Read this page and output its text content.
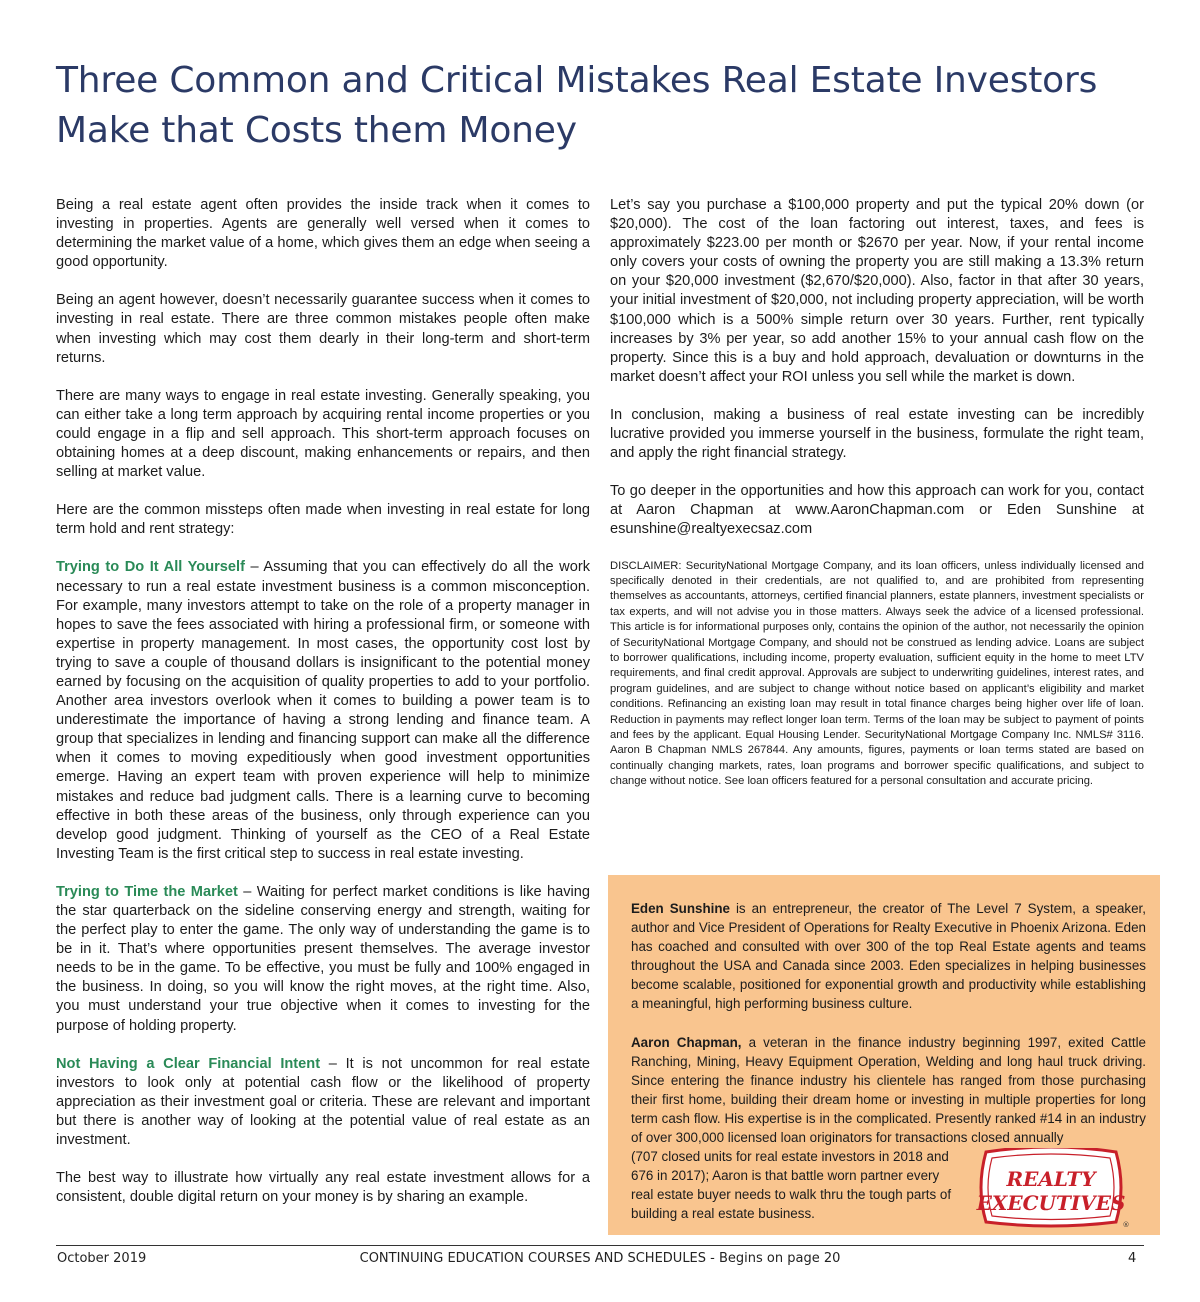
Three Common and Critical Mistakes Real Estate Investors
Make that Costs them Money

Being a real estate agent often provides the inside track when it comes to investing in properties. Agents are generally well versed when it comes to determining the market value of a home, which gives them an edge when seeing a good opportunity.

Being an agent however, doesn’t necessarily guarantee success when it comes to investing in real estate. There are three common mistakes people often make when investing which may cost them dearly in their long-term and short-term returns.

There are many ways to engage in real estate investing. Generally speaking, you can either take a long term approach by acquiring rental income properties or you could engage in a flip and sell approach. This short-term approach focuses on obtaining homes at a deep discount, making enhancements or repairs, and then selling at market value.

Here are the common missteps often made when investing in real estate for long term hold and rent strategy:

Trying to Do It All Yourself – Assuming that you can effectively do all the work necessary to run a real estate investment business is a common misconception. For example, many investors attempt to take on the role of a property manager in hopes to save the fees associated with hiring a professional firm, or someone with expertise in property management. In most cases, the opportunity cost lost by trying to save a couple of thousand dollars is insignificant to the potential money earned by focusing on the acquisition of quality properties to add to your portfolio. Another area investors overlook when it comes to building a power team is to underestimate the importance of having a strong lending and finance team. A group that specializes in lending and financing support can make all the difference when it comes to moving expeditiously when good investment opportunities emerge. Having an expert team with proven experience will help to minimize mistakes and reduce bad judgment calls. There is a learning curve to becoming effective in both these areas of the business, only through experience can you develop good judgment. Thinking of yourself as the CEO of a Real Estate Investing Team is the first critical step to success in real estate investing.

Trying to Time the Market – Waiting for perfect market conditions is like having the star quarterback on the sideline conserving energy and strength, waiting for the perfect play to enter the game. The only way of understanding the game is to be in it. That’s where opportunities present themselves. The average investor needs to be in the game. To be effective, you must be fully and 100% engaged in the business. In doing, so you will know the right moves, at the right time. Also, you must understand your true objective when it comes to investing for the purpose of holding property.

Not Having a Clear Financial Intent – It is not uncommon for real estate investors to look only at potential cash flow or the likelihood of property appreciation as their investment goal or criteria. These are relevant and important but there is another way of looking at the potential value of real estate as an investment.

The best way to illustrate how virtually any real estate investment allows for a consistent, double digital return on your money is by sharing an example.

Let’s say you purchase a $100,000 property and put the typical 20% down (or $20,000). The cost of the loan factoring out interest, taxes, and fees is approximately $223.00 per month or $2670 per year. Now, if your rental income only covers your costs of owning the property you are still making a 13.3% return on your $20,000 investment ($2,670/$20,000). Also, factor in that after 30 years, your initial investment of $20,000, not including property appreciation, will be worth $100,000 which is a 500% simple return over 30 years. Further, rent typically increases by 3% per year, so add another 15% to your annual cash flow on the property. Since this is a buy and hold approach, devaluation or downturns in the market doesn’t affect your ROI unless you sell while the market is down.

In conclusion, making a business of real estate investing can be incredibly lucrative provided you immerse yourself in the business, formulate the right team, and apply the right financial strategy.

To go deeper in the opportunities and how this approach can work for you, contact at Aaron Chapman at www.AaronChapman.com or Eden Sunshine at esunshine@realtyexecsaz.com

DISCLAIMER: SecurityNational Mortgage Company, and its loan officers, unless individually licensed and specifically denoted in their credentials, are not qualified to, and are prohibited from representing themselves as accountants, attorneys, certified financial planners, estate planners, investment specialists or tax experts, and will not advise you in those matters. Always seek the advice of a licensed professional. This article is for informational purposes only, contains the opinion of the author, not necessarily the opinion of SecurityNational Mortgage Company, and should not be construed as lending advice. Loans are subject to borrower qualifications, including income, property evaluation, sufficient equity in the home to meet LTV requirements, and final credit approval. Approvals are subject to underwriting guidelines, interest rates, and program guidelines, and are subject to change without notice based on applicant’s eligibility and market conditions. Refinancing an existing loan may result in total finance charges being higher over life of loan. Reduction in payments may reflect longer loan term. Terms of the loan may be subject to payment of points and fees by the applicant. Equal Housing Lender. SecurityNational Mortgage Company Inc. NMLS# 3116. Aaron B Chapman NMLS 267844. Any amounts, figures, payments or loan terms stated are based on continually changing markets, rates, loan programs and borrower specific qualifications, and subject to change without notice. See loan officers featured for a personal consultation and accurate pricing.

Eden Sunshine is an entrepreneur, the creator of The Level 7 System, a speaker, author and Vice President of Operations for Realty Executive in Phoenix Arizona. Eden has coached and consulted with over 300 of the top Real Estate agents and teams throughout the USA and Canada since 2003. Eden specializes in helping businesses become scalable, positioned for exponential growth and productivity while establishing a meaningful, high performing business culture.

Aaron Chapman, a veteran in the finance industry beginning 1997, exited Cattle Ranching, Mining, Heavy Equipment Operation, Welding and long haul truck driving. Since entering the finance industry his clientele has ranged from those purchasing their first home, building their dream home or investing in multiple properties for long term cash flow. His expertise is in the complicated. Presently ranked #14 in an industry of over 300,000 licensed loan originators for transactions closed annually

(707 closed units for real estate investors in 2018 and 676 in 2017); Aaron is that battle worn partner every real estate buyer needs to walk thru the tough parts of building a real estate business.
REALTY
EXECUTIVES
®
CONTINUING EDUCATION COURSES AND SCHEDULES - Begins on page 20
October 2019	4
